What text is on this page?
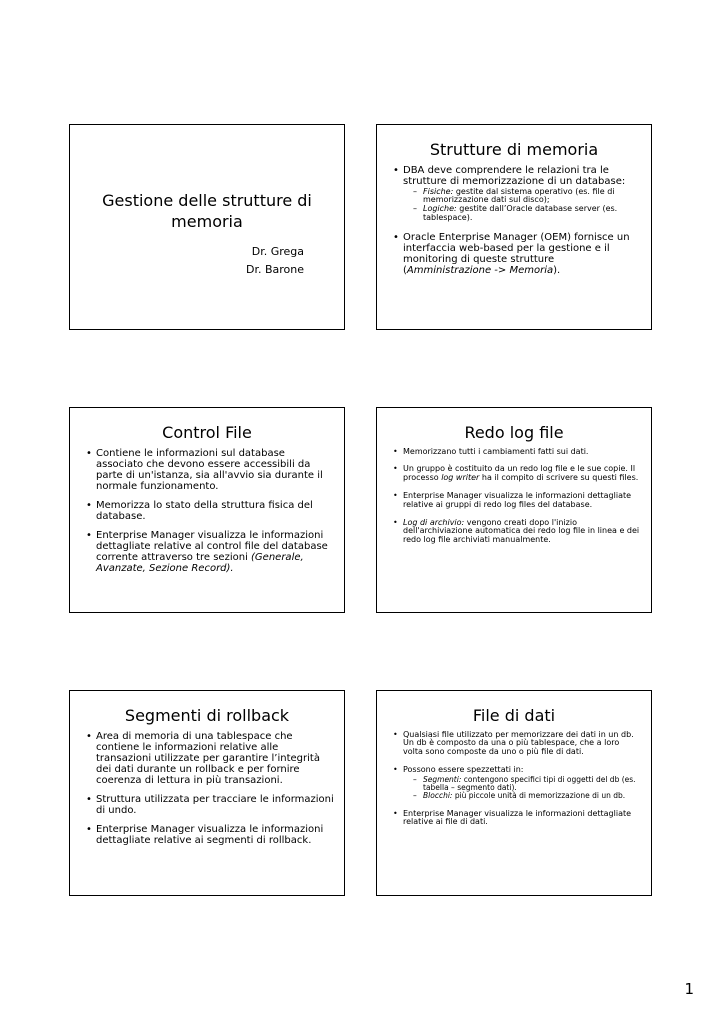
Gestione delle strutture di memoria
Dr. Grega
Dr. Barone
Strutture di memoria
• DBA deve comprendere le relazioni tra le strutture di memorizzazione di un database:
– Fisiche: gestite dal sistema operativo (es. file di memorizzazione dati sul disco);
– Logiche: gestite dall’Oracle database server (es. tablespace).
• Oracle Enterprise Manager (OEM) fornisce un interfaccia web-based per la gestione e il monitoring di queste strutture (Amministrazione -> Memoria).
Control File
• Contiene le informazioni sul database associato che devono essere accessibili da parte di un'istanza, sia all'avvio sia durante il normale funzionamento.
• Memorizza lo stato della struttura fisica del database.
• Enterprise Manager visualizza le informazioni dettagliate relative al control file del database corrente attraverso tre sezioni (Generale, Avanzate, Sezione Record).
Redo log file
• Memorizzano tutti i cambiamenti fatti sui dati.
• Un gruppo è costituito da un redo log file e le sue copie. Il processo log writer ha il compito di scrivere su questi files.
• Enterprise Manager visualizza le informazioni dettagliate relative ai gruppi di redo log files del database.
• Log di archivio: vengono creati dopo l'inizio dell'archiviazione automatica dei redo log file in linea e dei redo log file archiviati manualmente.
Segmenti di rollback
• Area di memoria di una tablespace che contiene le informazioni relative alle transazioni utilizzate per garantire l’integrità dei dati durante un rollback e per fornire coerenza di lettura in più transazioni.
• Struttura utilizzata per tracciare le informazioni di undo.
• Enterprise Manager visualizza le informazioni dettagliate relative ai segmenti di rollback.
File di dati
• Qualsiasi file utilizzato per memorizzare dei dati in un db. Un db è composto da una o più tablespace, che a loro volta sono composte da uno o più file di dati.
• Possono essere spezzettati in:
– Segmenti: contengono specifici tipi di oggetti del db (es. tabella – segmento dati).
– Blocchi: più piccole unità di memorizzazione di un db.
• Enterprise Manager visualizza le informazioni dettagliate relative ai file di dati.
1
